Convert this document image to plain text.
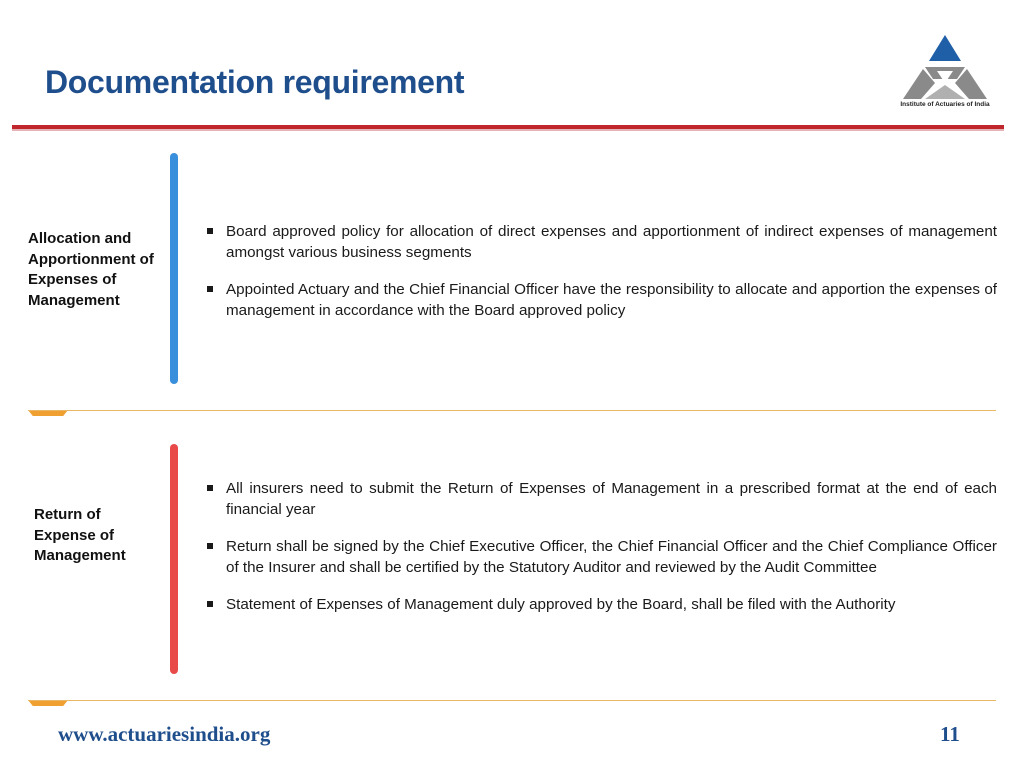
Documentation requirement
Institute of Actuaries of India
Allocation and Apportionment of Expenses of Management
Board approved policy for allocation of direct expenses and apportionment of indirect expenses of management amongst various business segments
Appointed Actuary and the Chief Financial Officer have the responsibility to allocate and apportion the expenses of management in accordance with the Board approved policy
Return of Expense of Management
All insurers need to submit the Return of Expenses of Management in a prescribed format at the end of each financial year
Return shall be signed by the Chief Executive Officer, the Chief Financial Officer and the Chief Compliance Officer of the Insurer and shall be certified by the Statutory Auditor and reviewed by the Audit Committee
Statement of Expenses of Management duly approved by the Board, shall be filed with the Authority
www.actuariesindia.org	11
